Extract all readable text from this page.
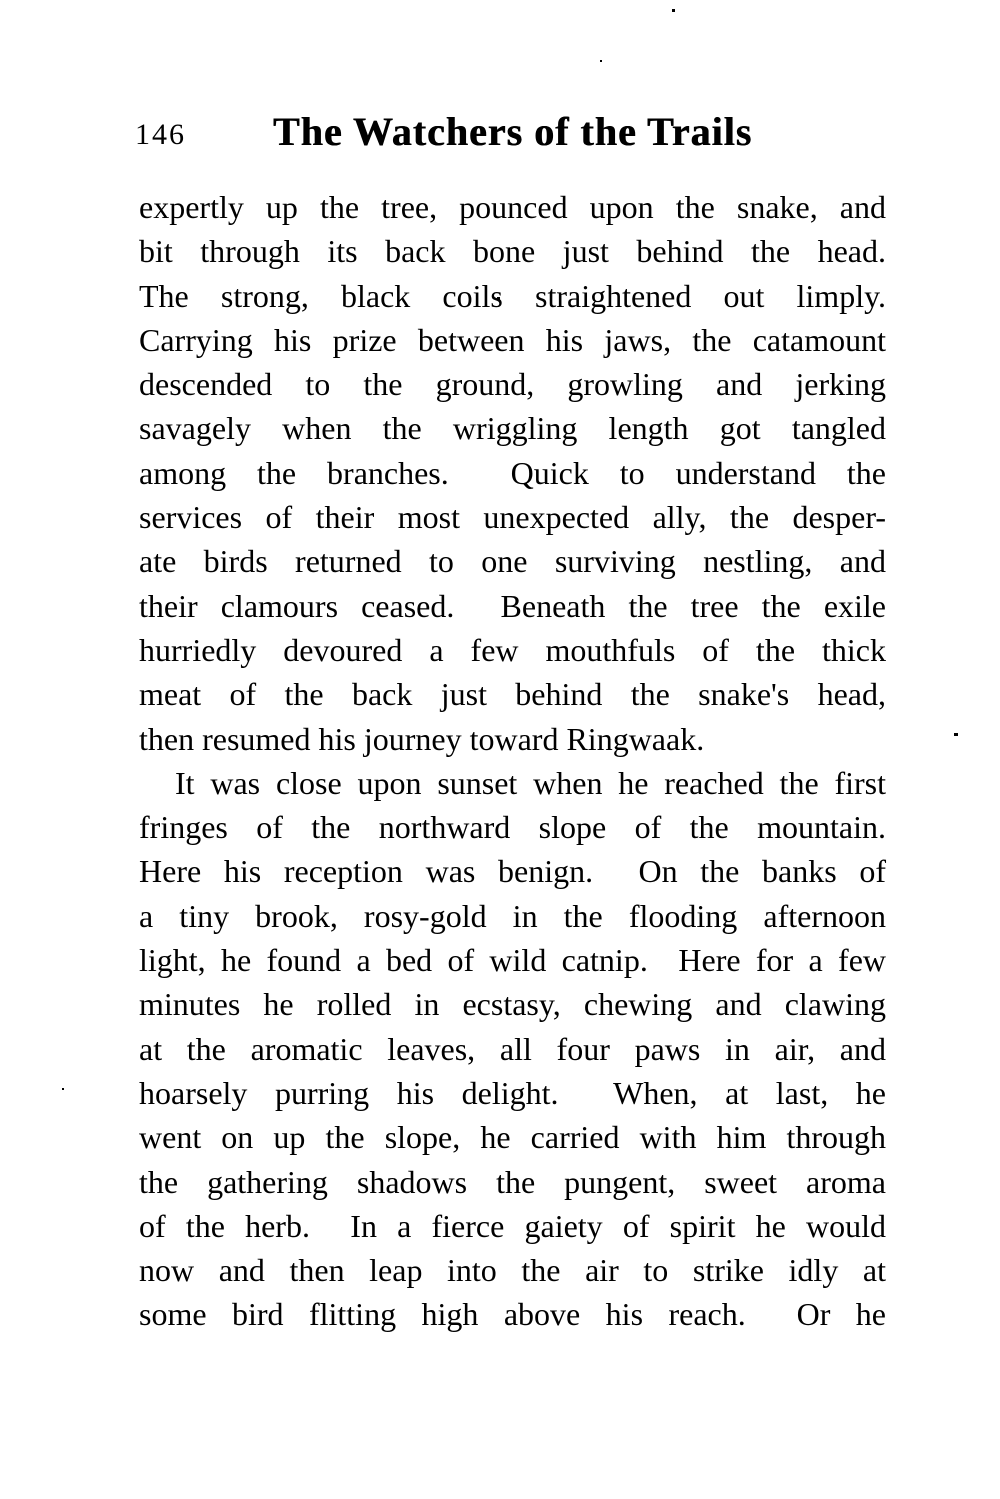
146	The Watchers of the Trails
expertly up the tree, pounced upon the snake, and
bit through its back bone just behind the head.
The strong, black coils straightened out limply.
Carrying his prize between his jaws, the catamount
descended to the ground, growling and jerking
savagely when the wriggling length got tangled
among the branches.  Quick to understand the
services of their most unexpected ally, the desper-
ate birds returned to one surviving nestling, and
their clamours ceased.  Beneath the tree the exile
hurriedly devoured a few mouthfuls of the thick
meat of the back just behind the snake's head,
then resumed his journey toward Ringwaak.
It was close upon sunset when he reached the first
fringes of the northward slope of the mountain.
Here his reception was benign.  On the banks of
a tiny brook, rosy-gold in the flooding afternoon
light, he found a bed of wild catnip.  Here for a few
minutes he rolled in ecstasy, chewing and clawing
at the aromatic leaves, all four paws in air, and
hoarsely purring his delight.  When, at last, he
went on up the slope, he carried with him through
the gathering shadows the pungent, sweet aroma
of the herb.  In a fierce gaiety of spirit he would
now and then leap into the air to strike idly at
some bird flitting high above his reach.  Or he
